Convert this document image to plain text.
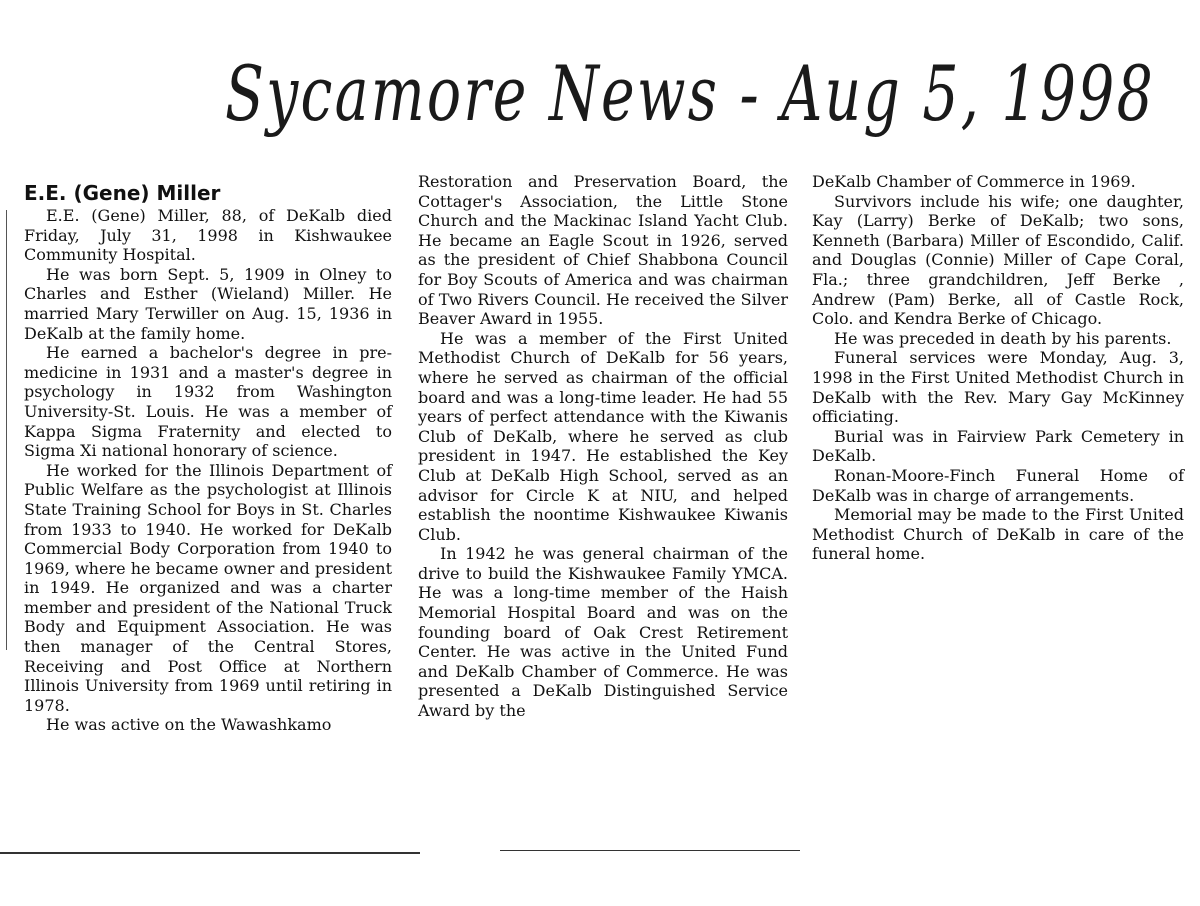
Sycamore News - Aug 5, 1998
E.E. (Gene) Miller

E.E. (Gene) Miller, 88, of DeKalb died Friday, July 31, 1998 in Kishwaukee Community Hospital.

He was born Sept. 5, 1909 in Olney to Charles and Esther (Wieland) Miller. He married Mary Terwiller on Aug. 15, 1936 in DeKalb at the family home.

He earned a bachelor's degree in pre-medicine in 1931 and a master's degree in psychology in 1932 from Washington University-St. Louis. He was a member of Kappa Sigma Fraternity and elected to Sigma Xi national honorary of science.

He worked for the Illinois Department of Public Welfare as the psychologist at Illinois State Training School for Boys in St. Charles from 1933 to 1940. He worked for DeKalb Commercial Body Corporation from 1940 to 1969, where he became owner and president in 1949. He organized and was a charter member and president of the National Truck Body and Equipment Association. He was then manager of the Central Stores, Receiving and Post Office at Northern Illinois University from 1969 until retiring in 1978.

He was active on the Wawashkamo

Restoration and Preservation Board, the Cottager's Association, the Little Stone Church and the Mackinac Island Yacht Club. He became an Eagle Scout in 1926, served as the president of Chief Shabbona Council for Boy Scouts of America and was chairman of Two Rivers Council. He received the Silver Beaver Award in 1955.

He was a member of the First United Methodist Church of DeKalb for 56 years, where he served as chairman of the official board and was a long-time leader. He had 55 years of perfect attendance with the Kiwanis Club of DeKalb, where he served as club president in 1947. He established the Key Club at DeKalb High School, served as an advisor for Circle K at NIU, and helped establish the noontime Kishwaukee Kiwanis Club.

In 1942 he was general chairman of the drive to build the Kishwaukee Family YMCA. He was a long-time member of the Haish Memorial Hospital Board and was on the founding board of Oak Crest Retirement Center. He was active in the United Fund and DeKalb Chamber of Commerce. He was presented a DeKalb Distinguished Service Award by the

DeKalb Chamber of Commerce in 1969.

Survivors include his wife; one daughter, Kay (Larry) Berke of DeKalb; two sons, Kenneth (Barbara) Miller of Escondido, Calif. and Douglas (Connie) Miller of Cape Coral, Fla.; three grandchildren, Jeff Berke , Andrew (Pam) Berke, all of Castle Rock, Colo. and Kendra Berke of Chicago.

He was preceded in death by his parents.

Funeral services were Monday, Aug. 3, 1998 in the First United Methodist Church in DeKalb with the Rev. Mary Gay McKinney officiating.

Burial was in Fairview Park Cemetery in DeKalb.

Ronan-Moore-Finch Funeral Home of DeKalb was in charge of arrangements.

Memorial may be made to the First United Methodist Church of DeKalb in care of the funeral home.
